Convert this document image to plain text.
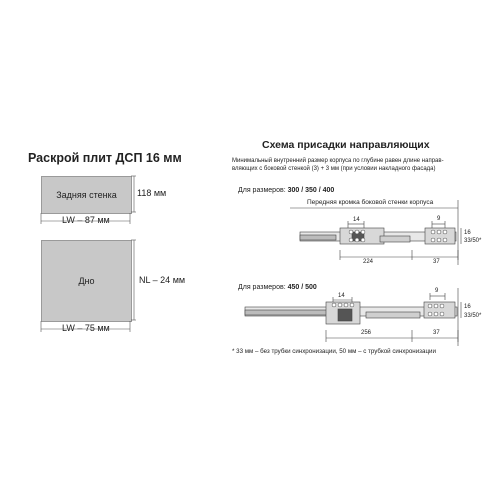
Раскрой плит ДСП 16 мм
Задняя стенка	118 мм
LW – 87 мм
Дно	NL – 24 мм
LW – 75 мм
Схема присадки направляющих
Минимальный внутренний размер корпуса по глубине равен длине направ-
вляющих с боковой стенкой (3) + 3 мм (при условии накладного фасада)
Для размеров: 300 / 350 / 400
Передняя кромка боковой стенки корпуса
14	9
16
33/50*
224	37
Для размеров: 450 / 500
14
9
16
33/50*
256	37
* 33 мм – без трубки синхронизации, 50 мм – с трубкой синхронизации
